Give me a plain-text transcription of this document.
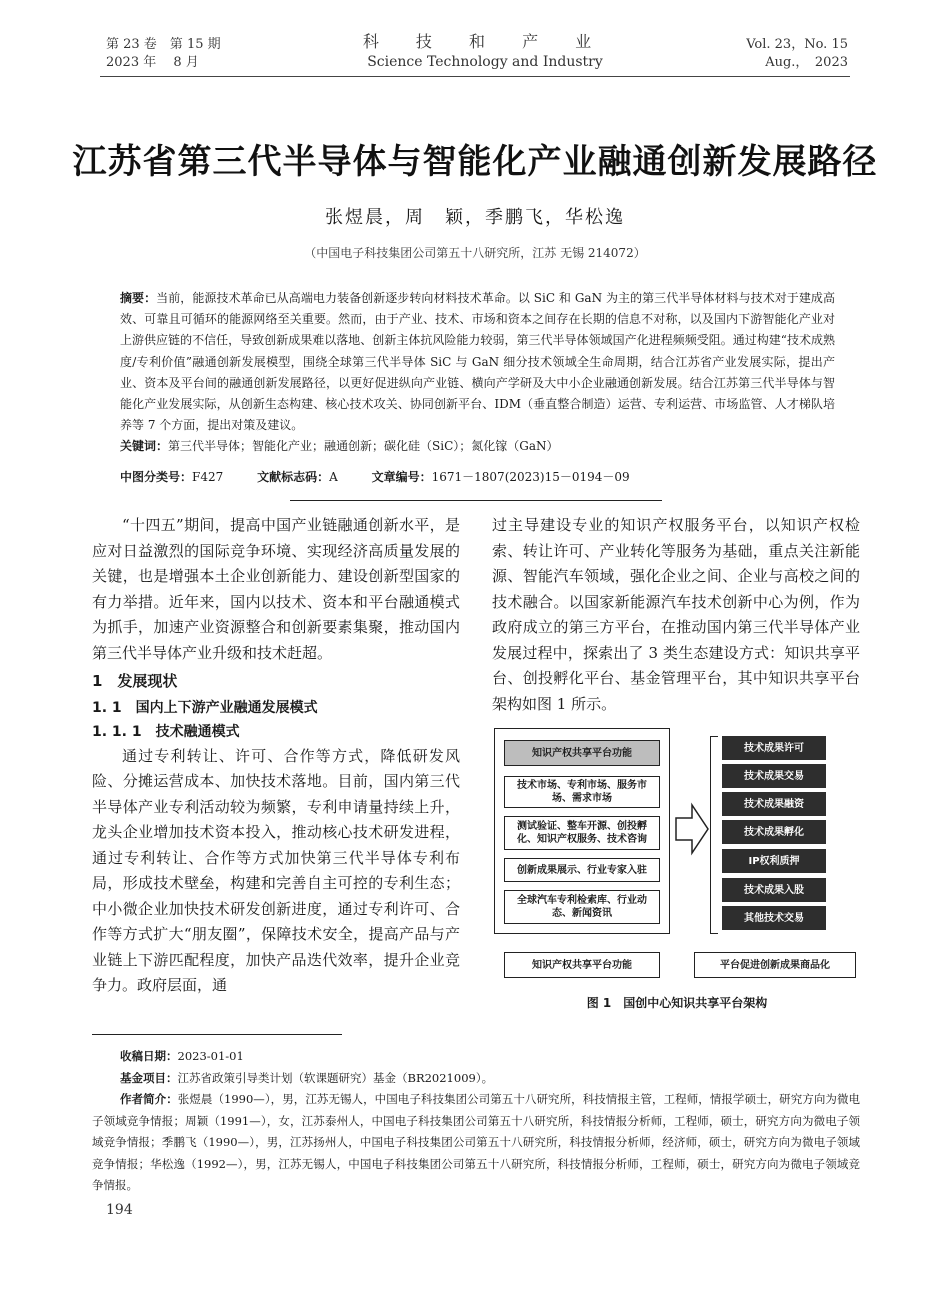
第 23 卷　第 15 期
2023 年　 8 月
科 技 和 产 业
Science Technology and Industry
Vol. 23，No. 15
Aug.，　2023
江苏省第三代半导体与智能化产业融通创新发展路径
张煜晨，周　颖，季鹏飞，华松逸
（中国电子科技集团公司第五十八研究所，江苏 无锡 214072）
摘要：当前，能源技术革命已从高端电力装备创新逐步转向材料技术革命。以 SiC 和 GaN 为主的第三代半导体材料与技术对于建成高效、可靠且可循环的能源网络至关重要。然而，由于产业、技术、市场和资本之间存在长期的信息不对称，以及国内下游智能化产业对上游供应链的不信任，导致创新成果难以落地、创新主体抗风险能力较弱，第三代半导体领域国产化进程频频受阻。通过构建“技术成熟度/专利价值”融通创新发展模型，围绕全球第三代半导体 SiC 与 GaN 细分技术领域全生命周期，结合江苏省产业发展实际，提出产业、资本及平台间的融通创新发展路径，以更好促进纵向产业链、横向产学研及大中小企业融通创新发展。结合江苏第三代半导体与智能化产业发展实际，从创新生态构建、核心技术攻关、协同创新平台、IDM（垂直整合制造）运营、专利运营、市场监管、人才梯队培养等 7 个方面，提出对策及建议。
关键词：第三代半导体；智能化产业；融通创新；碳化硅（SiC）；氮化镓（GaN）
中图分类号：F427	文献标志码：A	文章编号：1671－1807(2023)15－0194－09

“十四五”期间，提高中国产业链融通创新水平，是应对日益激烈的国际竞争环境、实现经济高质量发展的关键，也是增强本土企业创新能力、建设创新型国家的有力举措。近年来，国内以技术、资本和平台融通模式为抓手，加速产业资源整合和创新要素集聚，推动国内第三代半导体产业升级和技术赶超。

1　发展现状
1. 1　国内上下游产业融通发展模式
1. 1. 1　技术融通模式

通过专利转让、许可、合作等方式，降低研发风险、分摊运营成本、加快技术落地。目前，国内第三代半导体产业专利活动较为频繁，专利申请量持续上升，龙头企业增加技术资本投入，推动核心技术研发进程，通过专利转让、合作等方式加快第三代半导体专利布局，形成技术壁垒，构建和完善自主可控的专利生态；中小微企业加快技术研发创新进度，通过专利许可、合作等方式扩大“朋友圈”，保障技术安全，提高产品与产业链上下游匹配程度，加快产品迭代效率，提升企业竞争力。政府层面，通

过主导建设专业的知识产权服务平台，以知识产权检索、转让许可、产业转化等服务为基础，重点关注新能源、智能汽车领域，强化企业之间、企业与高校之间的技术融合。以国家新能源汽车技术创新中心为例，作为政府成立的第三方平台，在推动国内第三代半导体产业发展过程中，探索出了 3 类生态建设方式：知识共享平台、创投孵化平台、基金管理平台，其中知识共享平台架构如图 1 所示。

知识产权共享平台功能
技术市场、专利市场、服务市场、需求市场
测试验证、整车开源、创投孵化、知识产权服务、技术咨询
创新成果展示、行业专家入驻
全球汽车专利检索库、行业动态、新闻资讯
技术成果许可
技术成果交易
技术成果融资
技术成果孵化
IP权利质押
技术成果入股
其他技术交易
知识产权共享平台功能	平台促进创新成果商品化
图 1　国创中心知识共享平台架构

收稿日期：2023-01-01

基金项目：江苏省政策引导类计划（软课题研究）基金（BR2021009）。

作者简介：张煜晨（1990—），男，江苏无锡人，中国电子科技集团公司第五十八研究所，科技情报主管，工程师，情报学硕士，研究方向为微电子领域竞争情报；周颖（1991—），女，江苏泰州人，中国电子科技集团公司第五十八研究所，科技情报分析师，工程师，硕士，研究方向为微电子领域竞争情报；季鹏飞（1990—），男，江苏扬州人，中国电子科技集团公司第五十八研究所，科技情报分析师，经济师，硕士，研究方向为微电子领域竞争情报；华松逸（1992—），男，江苏无锡人，中国电子科技集团公司第五十八研究所，科技情报分析师，工程师，硕士，研究方向为微电子领域竞争情报。

194
